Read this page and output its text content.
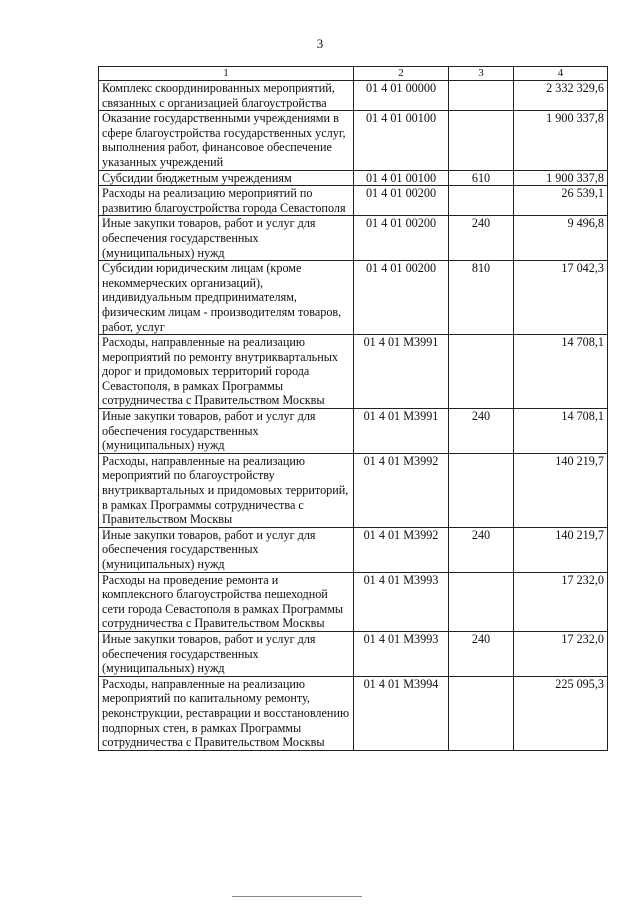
3
1	2	3	4
Комплекс скоординированных мероприятий, связанных с организацией благоустройства	01 4 01 00000		2 332 329,6
Оказание государственными учреждениями в сфере благоустройства государственных услуг, выполнения работ, финансовое обеспечение указанных учреждений	01 4 01 00100		1 900 337,8
Субсидии бюджетным учреждениям	01 4 01 00100	610	1 900 337,8
Расходы на реализацию мероприятий по развитию благоустройства города Севастополя	01 4 01 00200		26 539,1
Иные закупки товаров, работ и услуг для обеспечения государственных (муниципальных) нужд	01 4 01 00200	240	9 496,8
Субсидии юридическим лицам (кроме некоммерческих организаций), индивидуальным предпринимателям, физическим лицам - производителям товаров, работ, услуг	01 4 01 00200	810	17 042,3
Расходы, направленные на реализацию мероприятий по ремонту внутриквартальных дорог и придомовых территорий города Севастополя, в рамках Программы сотрудничества с Правительством Москвы	01 4 01 М3991		14 708,1
Иные закупки товаров, работ и услуг для обеспечения государственных (муниципальных) нужд	01 4 01 М3991	240	14 708,1
Расходы, направленные на реализацию мероприятий по благоустройству внутриквартальных и придомовых территорий, в рамках Программы сотрудничества с Правительством Москвы	01 4 01 М3992		140 219,7
Иные закупки товаров, работ и услуг для обеспечения государственных (муниципальных) нужд	01 4 01 М3992	240	140 219,7
Расходы на проведение ремонта и комплексного благоустройства пешеходной сети города Севастополя в рамках Программы сотрудничества с Правительством Москвы	01 4 01 М3993		17 232,0
Иные закупки товаров, работ и услуг для обеспечения государственных (муниципальных) нужд	01 4 01 М3993	240	17 232,0
Расходы, направленные на реализацию мероприятий по капитальному ремонту, реконструкции, реставрации и восстановлению подпорных стен, в рамках Программы сотрудничества с Правительством Москвы	01 4 01 М3994		225 095,3
